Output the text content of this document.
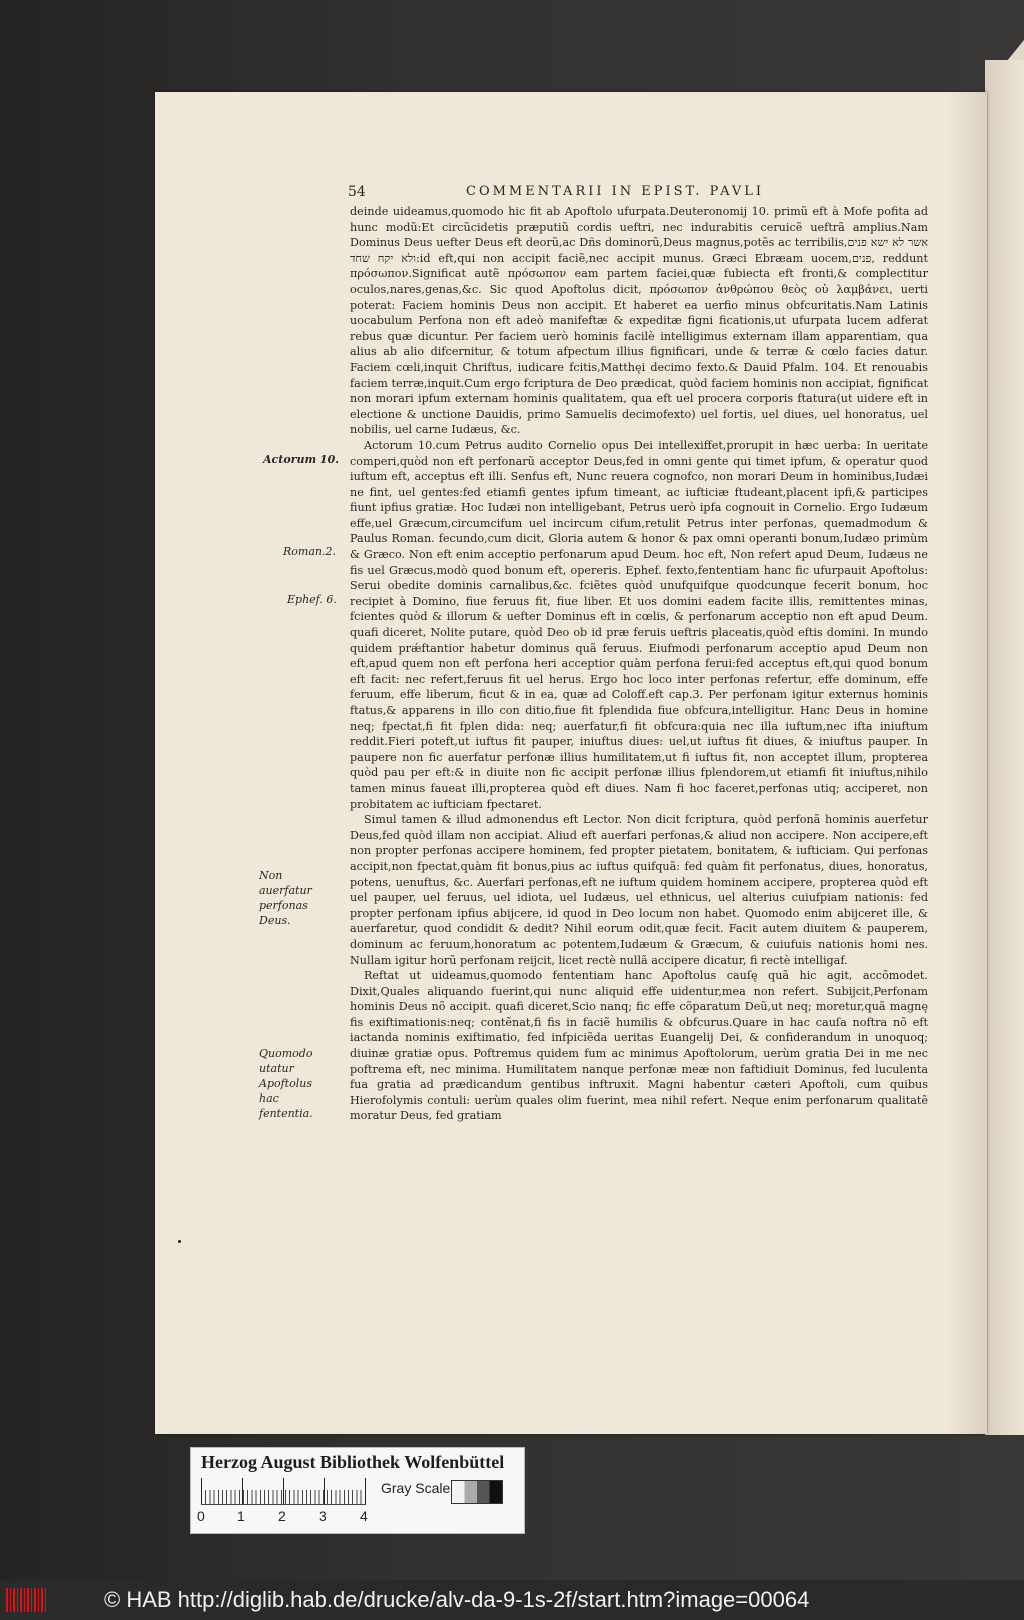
54	COMMENTARII IN EPIST. PAVLI

deinde uideamus,quomodo hic fit ab Apoftolo ufurpata.Deuteronomij 10. primũ eft à Mofe pofita ad hunc modũ:Et circũcidetis præputiũ cordis ueftri, nec indurabitis ceruicẽ ueftrã amplius.Nam Dominus Deus uefter Deus eft deorũ,ac Dñs dominorũ,Deus magnus,potẽs ac terribilis,אשר לא ישא פנים ולא יקח שחד:id eft,qui non accipit faciẽ,nec accipit munus. Græci Ebræam uocem,פנים, reddunt πρόσωπον.Significat autẽ πρόσωπον eam partem faciei,quæ fubiecta eft fronti,& complectitur oculos,nares,genas,&c. Sic quod Apoftolus dicit, πρόσωπον ἀνθρώπου θεὸς οὐ λαμβάνει, uerti poterat: Faciem hominis Deus non accipit. Et haberet ea uerfio minus obfcuritatis.Nam Latinis uocabulum Perfona non eft adeò manifeftæ & expeditæ figni ficationis,ut ufurpata lucem adferat rebus quæ dicuntur. Per faciem uerò hominis facilè intelligimus externam illam apparentiam, qua alius ab alio difcernitur, & totum afpectum illius fignificari, unde & terræ & cœlo facies datur. Faciem cœli,inquit Chriftus, iudicare fcitis,Matthęi decimo fexto.& Dauid Pfalm. 104. Et renouabis faciem terræ,inquit.Cum ergo fcriptura de Deo prædicat, quòd faciem hominis non accipiat, fignificat non morari ipfum externam hominis qualitatem, qua eft uel procera corporis ftatura(ut uidere eft in electione & unctione Dauidis, primo Samuelis decimofexto) uel fortis, uel diues, uel honoratus, uel nobilis, uel carne Iudæus, &c.

Actorum 10.cum Petrus audito Cornelio opus Dei intellexiffet,prorupit in hæc uerba: In ueritate comperi,quòd non eft perfonarũ acceptor Deus,fed in omni gente qui timet ipfum, & operatur quod iuftum eft, acceptus eft illi. Senfus eft, Nunc reuera cognofco, non morari Deum in hominibus,Iudæi ne fint, uel gentes:fed etiamfi gentes ipfum timeant, ac iufticiæ ftudeant,placent ipfi,& participes fiunt ipfius gratiæ. Hoc Iudæi non intelligebant, Petrus uerò ipfa cognouit in Cornelio. Ergo Iudæum effe,uel Græcum,circumcifum uel incircum cifum,retulit Petrus inter perfonas, quemadmodum & Paulus Roman. fecundo,cum dicit, Gloria autem & honor & pax omni operanti bonum,Iudæo primùm & Græco. Non eft enim acceptio perfonarum apud Deum. hoc eft, Non refert apud Deum, Iudæus ne fis uel Græcus,modò quod bonum eft, opereris. Ephef. fexto,fententiam hanc fic ufurpauit Apoftolus: Serui obedite dominis carnalibus,&c. fciẽtes quòd unufquifque quodcunque fecerit bonum, hoc recipiet à Domino, fiue feruus fit, fiue liber. Et uos domini eadem facite illis, remittentes minas, fcientes quòd & illorum & uefter Dominus eft in cœlis, & perfonarum acceptio non eft apud Deum. quafi diceret, Nolite putare, quòd Deo ob id præ feruis ueftris placeatis,quòd eftis domini. In mundo quidem prǽftantior habetur dominus quã feruus. Eiufmodi perfonarum acceptio apud Deum non eft,apud quem non eft perfona heri acceptior quàm perfona ferui:fed acceptus eft,qui quod bonum eft facit: nec refert,feruus fit uel herus. Ergo hoc loco inter perfonas refertur, effe dominum, effe feruum, effe liberum, ficut & in ea, quæ ad Coloff.eft cap.3. Per perfonam igitur externus hominis ftatus,& apparens in illo con ditio,fiue fit fplendida fiue obfcura,intelligitur. Hanc Deus in homine neq; fpectat,fi fit fplen dida: neq; auerfatur,fi fit obfcura:quia nec illa iuftum,nec ifta iniuftum reddit.Fieri poteft,ut iuftus fit pauper, iniuftus diues: uel,ut iuftus fit diues, & iniuftus pauper. In paupere non fic auerfatur perfonæ illius humilitatem,ut fi iuftus fit, non acceptet illum, propterea quòd pau per eft:& in diuite non fic accipit perfonæ illius fplendorem,ut etiamfi fit iniuftus,nihilo tamen minus faueat illi,propterea quòd eft diues. Nam fi hoc faceret,perfonas utiq; acciperet, non probitatem ac iufticiam fpectaret.

Simul tamen & illud admonendus eft Lector. Non dicit fcriptura, quòd perfonã hominis auerfetur Deus,fed quòd illam non accipiat. Aliud eft auerfari perfonas,& aliud non accipere. Non accipere,eft non propter perfonas accipere hominem, fed propter pietatem, bonitatem, & iufticiam. Qui perfonas accipit,non fpectat,quàm fit bonus,pius ac iuftus quifquã: fed quàm fit perfonatus, diues, honoratus, potens, uenuftus, &c. Auerfari perfonas,eft ne iuftum quidem hominem accipere, propterea quòd eft uel pauper, uel feruus, uel idiota, uel Iudæus, uel ethnicus, uel alterius cuiufpiam nationis: fed propter perfonam ipfius abijcere, id quod in Deo locum non habet. Quomodo enim abijceret ille, & auerfaretur, quod condidit & dedit? Nihil eorum odit,quæ fecit. Facit autem diuitem & pauperem, dominum ac feruum,honoratum ac potentem,Iudæum & Græcum, & cuiufuis nationis homi nes. Nullam igitur horũ perfonam reijcit, licet rectè nullã accipere dicatur, fi rectè intelligaf.

Reftat ut uideamus,quomodo fententiam hanc Apoftolus cauſę quã hic agit, accõmodet. Dixit,Quales aliquando fuerint,qui nunc aliquid effe uidentur,mea non refert. Subijcit,Perfonam hominis Deus nõ accipit. quafi diceret,Scio nanq; fic effe cõparatum Deũ,ut neq; moretur,quã magnę fis exiftimationis:neq; contẽnat,fi fis in faciẽ humilis & obfcurus.Quare in hac cauſa noftra nõ eft iactanda nominis exiftimatio, fed infpiciẽda ueritas Euangelij Dei, & confiderandum in unoquoq; diuinæ gratiæ opus. Poftremus quidem fum ac minimus Apoftolorum, uerùm gratia Dei in me nec poftrema eft, nec minima. Humilitatem nanque perfonæ meæ non faftidiuit Dominus, fed luculenta fua gratia ad prædicandum gentibus inftruxit. Magni habentur cæteri Apoftoli, cum quibus Hierofolymis contuli: uerùm quales olim fuerint, mea nihil refert. Neque enim perfonarum qualitatẽ moratur Deus, fed gratiam

Actorum 10.
Roman.2.
Ephef. 6.
Non auerfatur perfonas Deus.
Quomodo utatur Apoftolus hac fententia.
Herzog August Bibliothek Wolfenbüttel
Gray Scale
0 1 2 3 4
© HAB http://diglib.hab.de/drucke/alv-da-9-1s-2f/start.htm?image=00064
